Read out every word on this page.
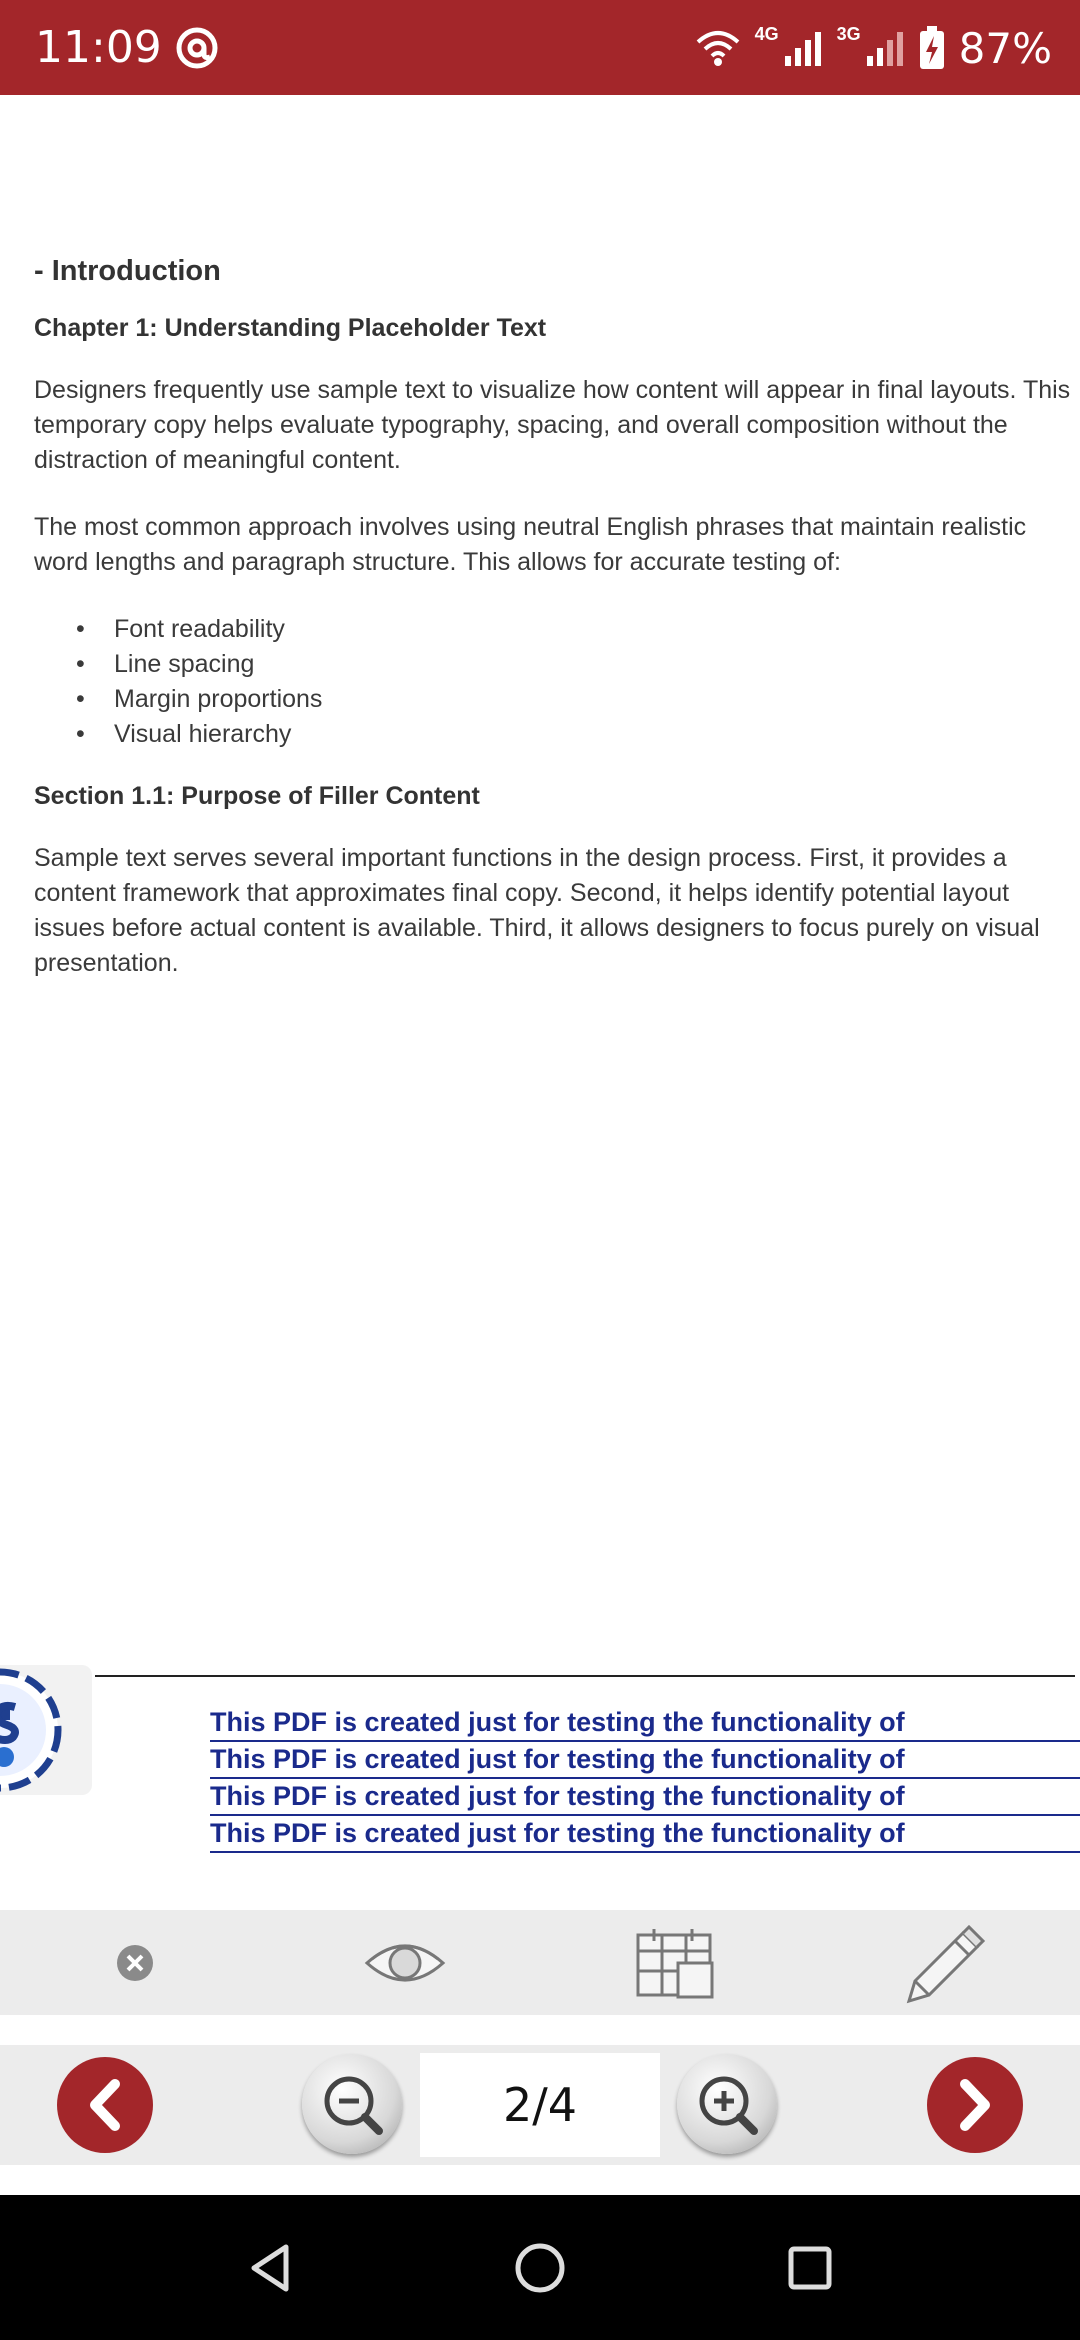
11:09	4G	3G 87%
- Introduction
Chapter 1: Understanding Placeholder Text

Designers frequently use sample text to visualize how content will appear in final layouts. This temporary copy helps evaluate typography, spacing, and overall composition without the distraction of meaningful content.

The most common approach involves using neutral English phrases that maintain realistic word lengths and paragraph structure. This allows for accurate testing of:

• Font readability
• Line spacing
• Margin proportions
• Visual hierarchy
Section 1.1: Purpose of Filler Content

Sample text serves several important functions in the design process. First, it provides a content framework that approximates final copy. Second, it helps identify potential layout issues before actual content is available. Third, it allows designers to focus purely on visual presentation.

This PDF is created just for testing the functionality of
This PDF is created just for testing the functionality of
This PDF is created just for testing the functionality of
This PDF is created just for testing the functionality of
2/4
